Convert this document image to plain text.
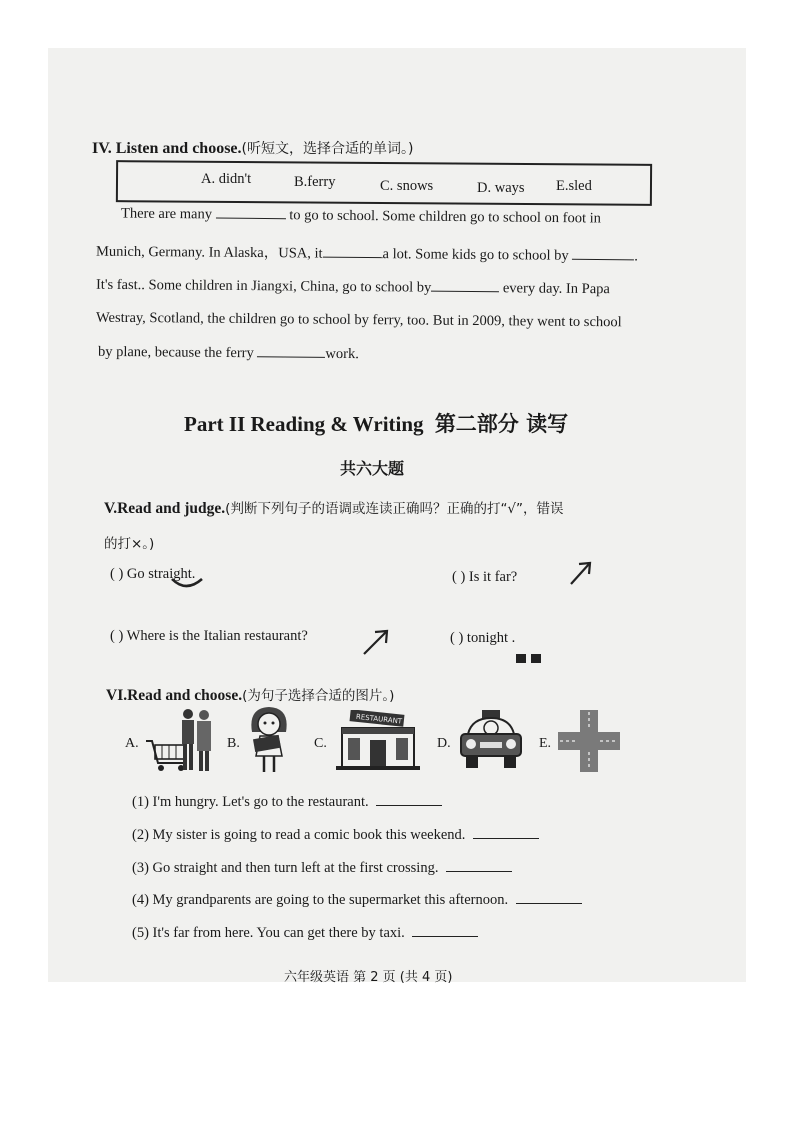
IV. Listen and choose.(听短文，选择合适的单词。)
A. didn't	B.ferry	C. snows	D. ways E.sled
There are many	to go to school. Some children go to school on foot in
Munich, Germany. In Alaska，USA, it	a lot. Some kids go to school by	.
It's fast.. Some children in Jiangxi, China, go to school by	every day. In Papa
Westray, Scotland, the children go to school by ferry, too. But in 2009, they went to school
by plane, because the ferry	work.
Part II Reading & Writing 第二部分 读写
共六大题
V.Read and judge.(判断下列句子的语调或连读正确吗？正确的打“√”，错误
的打×。)
( ) Go straight.	( ) Is it far?
( ) Where is the Italian restaurant?	( ) tonight .
VI.Read and choose.(为句子选择合适的图片。)
A.	B.	C.
RESTAURANT
D.	E.
(1) I'm hungry. Let's go to the restaurant.
(2) My sister is going to read a comic book this weekend.
(3) Go straight and then turn left at the first crossing.
(4) My grandparents are going to the supermarket this afternoon.
(5) It's far from here. You can get there by taxi.
六年级英语 第 2 页 (共 4 页)
